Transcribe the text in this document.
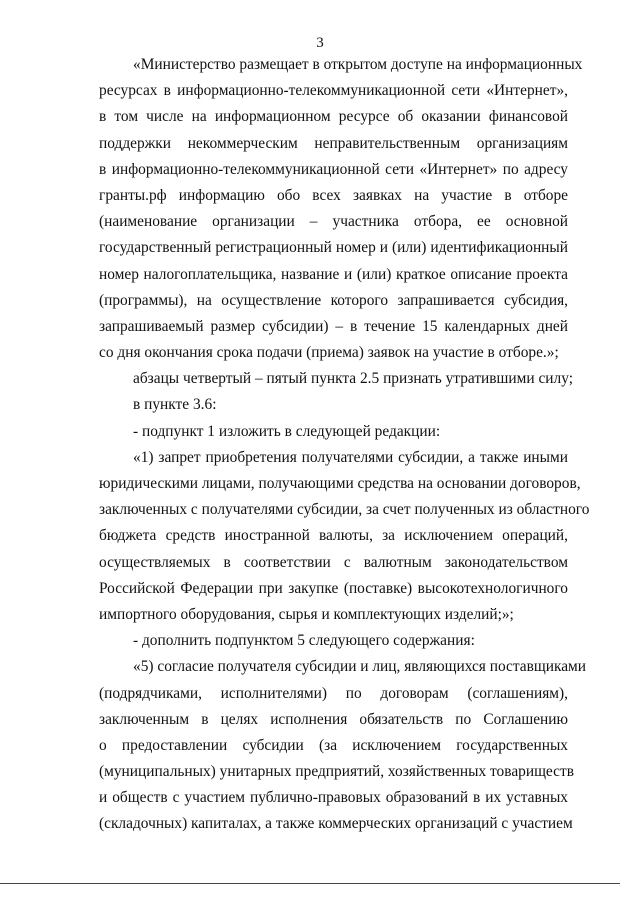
3
«Министерство размещает в открытом доступе на информационных
ресурсах в информационно-телекоммуникационной сети «Интернет»,
в том числе на информационном ресурсе об оказании финансовой
поддержки некоммерческим неправительственным организациям
в информационно-телекоммуникационной сети «Интернет» по адресу
гранты.рф информацию обо всех заявках на участие в отборе
(наименование организации – участника отбора, ее основной
государственный регистрационный номер и (или) идентификационный
номер налогоплательщика, название и (или) краткое описание проекта
(программы), на осуществление которого запрашивается субсидия,
запрашиваемый размер субсидии) – в течение 15 календарных дней
со дня окончания срока подачи (приема) заявок на участие в отборе.»;
абзацы четвертый – пятый пункта 2.5 признать утратившими силу;
в пункте 3.6:
- подпункт 1 изложить в следующей редакции:
«1) запрет приобретения получателями субсидии, а также иными
юридическими лицами, получающими средства на основании договоров,
заключенных с получателями субсидии, за счет полученных из областного
бюджета средств иностранной валюты, за исключением операций,
осуществляемых в соответствии с валютным законодательством
Российской Федерации при закупке (поставке) высокотехнологичного
импортного оборудования, сырья и комплектующих изделий;»;
- дополнить подпунктом 5 следующего содержания:
«5) согласие получателя субсидии и лиц, являющихся поставщиками
(подрядчиками, исполнителями) по договорам (соглашениям),
заключенным в целях исполнения обязательств по Соглашению
о предоставлении субсидии (за исключением государственных
(муниципальных) унитарных предприятий, хозяйственных товариществ
и обществ с участием публично-правовых образований в их уставных
(складочных) капиталах, а также коммерческих организаций с участием
